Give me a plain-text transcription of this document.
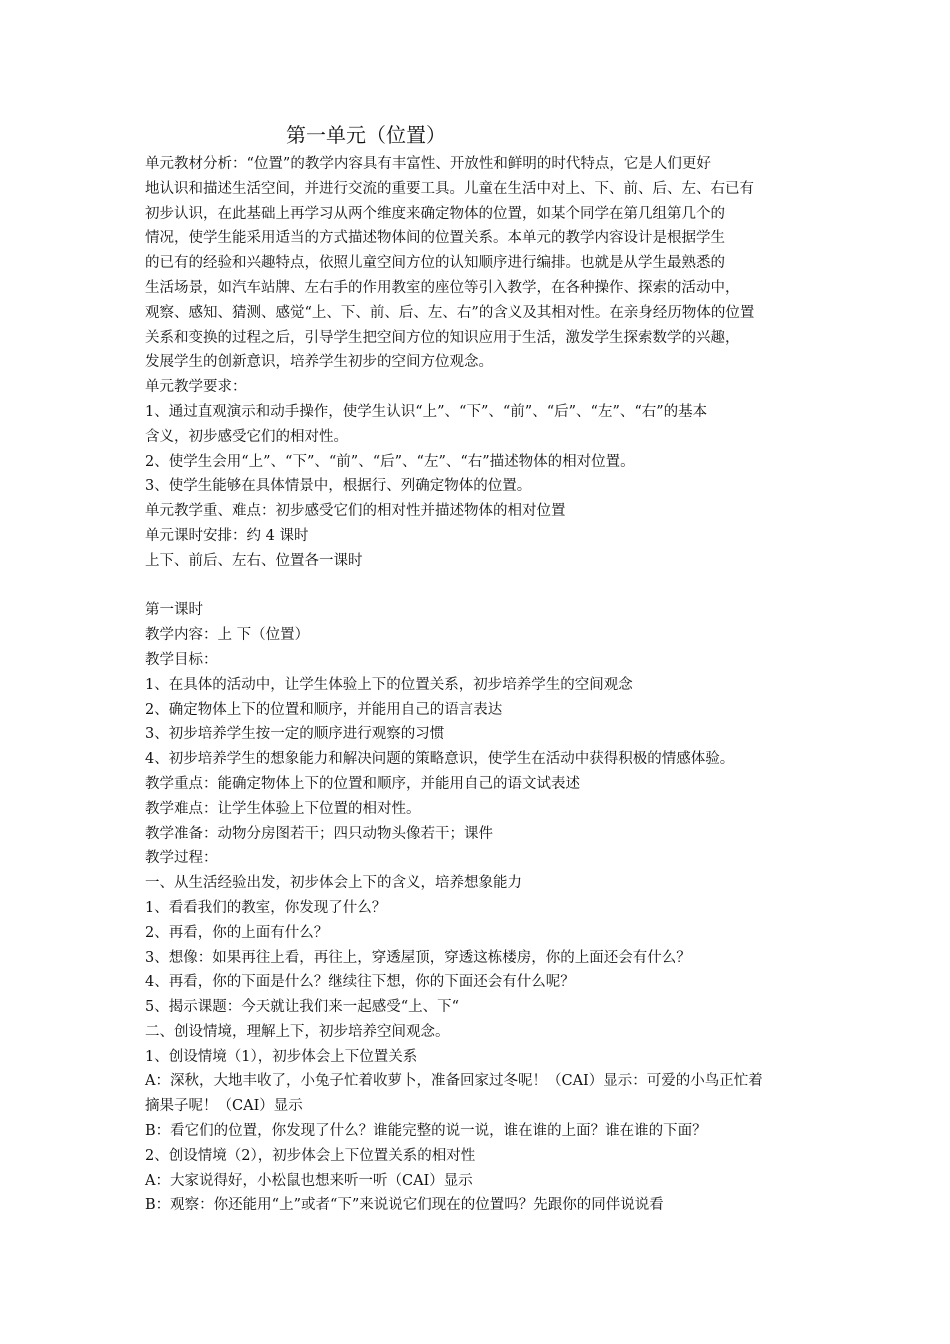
第一单元（位置）

单元教材分析：“位置”的教学内容具有丰富性、开放性和鲜明的时代特点，它是人们更好

地认识和描述生活空间，并进行交流的重要工具。儿童在生活中对上、下、前、后、左、右已有

初步认识，在此基础上再学习从两个维度来确定物体的位置，如某个同学在第几组第几个的

情况，使学生能采用适当的方式描述物体间的位置关系。本单元的教学内容设计是根据学生

的已有的经验和兴趣特点，依照儿童空间方位的认知顺序进行编排。也就是从学生最熟悉的

生活场景，如汽车站牌、左右手的作用教室的座位等引入教学，在各种操作、探索的活动中，

观察、感知、猜测、感觉“上、下、前、后、左、右”的含义及其相对性。在亲身经历物体的位置

关系和变换的过程之后，引导学生把空间方位的知识应用于生活，激发学生探索数学的兴趣，

发展学生的创新意识，培养学生初步的空间方位观念。

单元教学要求：

1、通过直观演示和动手操作，使学生认识“上”、“下”、“前”、“后”、“左”、“右”的基本

含义，初步感受它们的相对性。

2、使学生会用“上”、“下”、“前”、“后”、“左”、“右”描述物体的相对位置。

3、使学生能够在具体情景中，根据行、列确定物体的位置。

单元教学重、难点：初步感受它们的相对性并描述物体的相对位置

单元课时安排：约 4 课时

上下、前后、左右、位置各一课时

第一课时

教学内容：上 下（位置）

教学目标：

1、在具体的活动中，让学生体验上下的位置关系，初步培养学生的空间观念

2、确定物体上下的位置和顺序，并能用自己的语言表达

3、初步培养学生按一定的顺序进行观察的习惯

4、初步培养学生的想象能力和解决问题的策略意识，使学生在活动中获得积极的情感体验。

教学重点：能确定物体上下的位置和顺序，并能用自己的语文试表述

教学难点：让学生体验上下位置的相对性。

教学准备：动物分房图若干；四只动物头像若干；课件

教学过程：

一、从生活经验出发，初步体会上下的含义，培养想象能力

1、看看我们的教室，你发现了什么？

2、再看，你的上面有什么？

3、想像：如果再往上看，再往上，穿透屋顶，穿透这栋楼房，你的上面还会有什么？

4、再看，你的下面是什么？继续往下想，你的下面还会有什么呢？

5、揭示课题：今天就让我们来一起感受“上、下“

二、创设情境，理解上下，初步培养空间观念。

1、创设情境（1），初步体会上下位置关系

A：深秋，大地丰收了，小兔子忙着收萝卜，准备回家过冬呢！（CAI）显示：可爱的小鸟正忙着

摘果子呢！（CAI）显示

B：看它们的位置，你发现了什么？谁能完整的说一说，谁在谁的上面？谁在谁的下面？

2、创设情境（2），初步体会上下位置关系的相对性

A：大家说得好，小松鼠也想来听一听（CAI）显示

B：观察：你还能用“上”或者“下”来说说它们现在的位置吗？先跟你的同伴说说看
